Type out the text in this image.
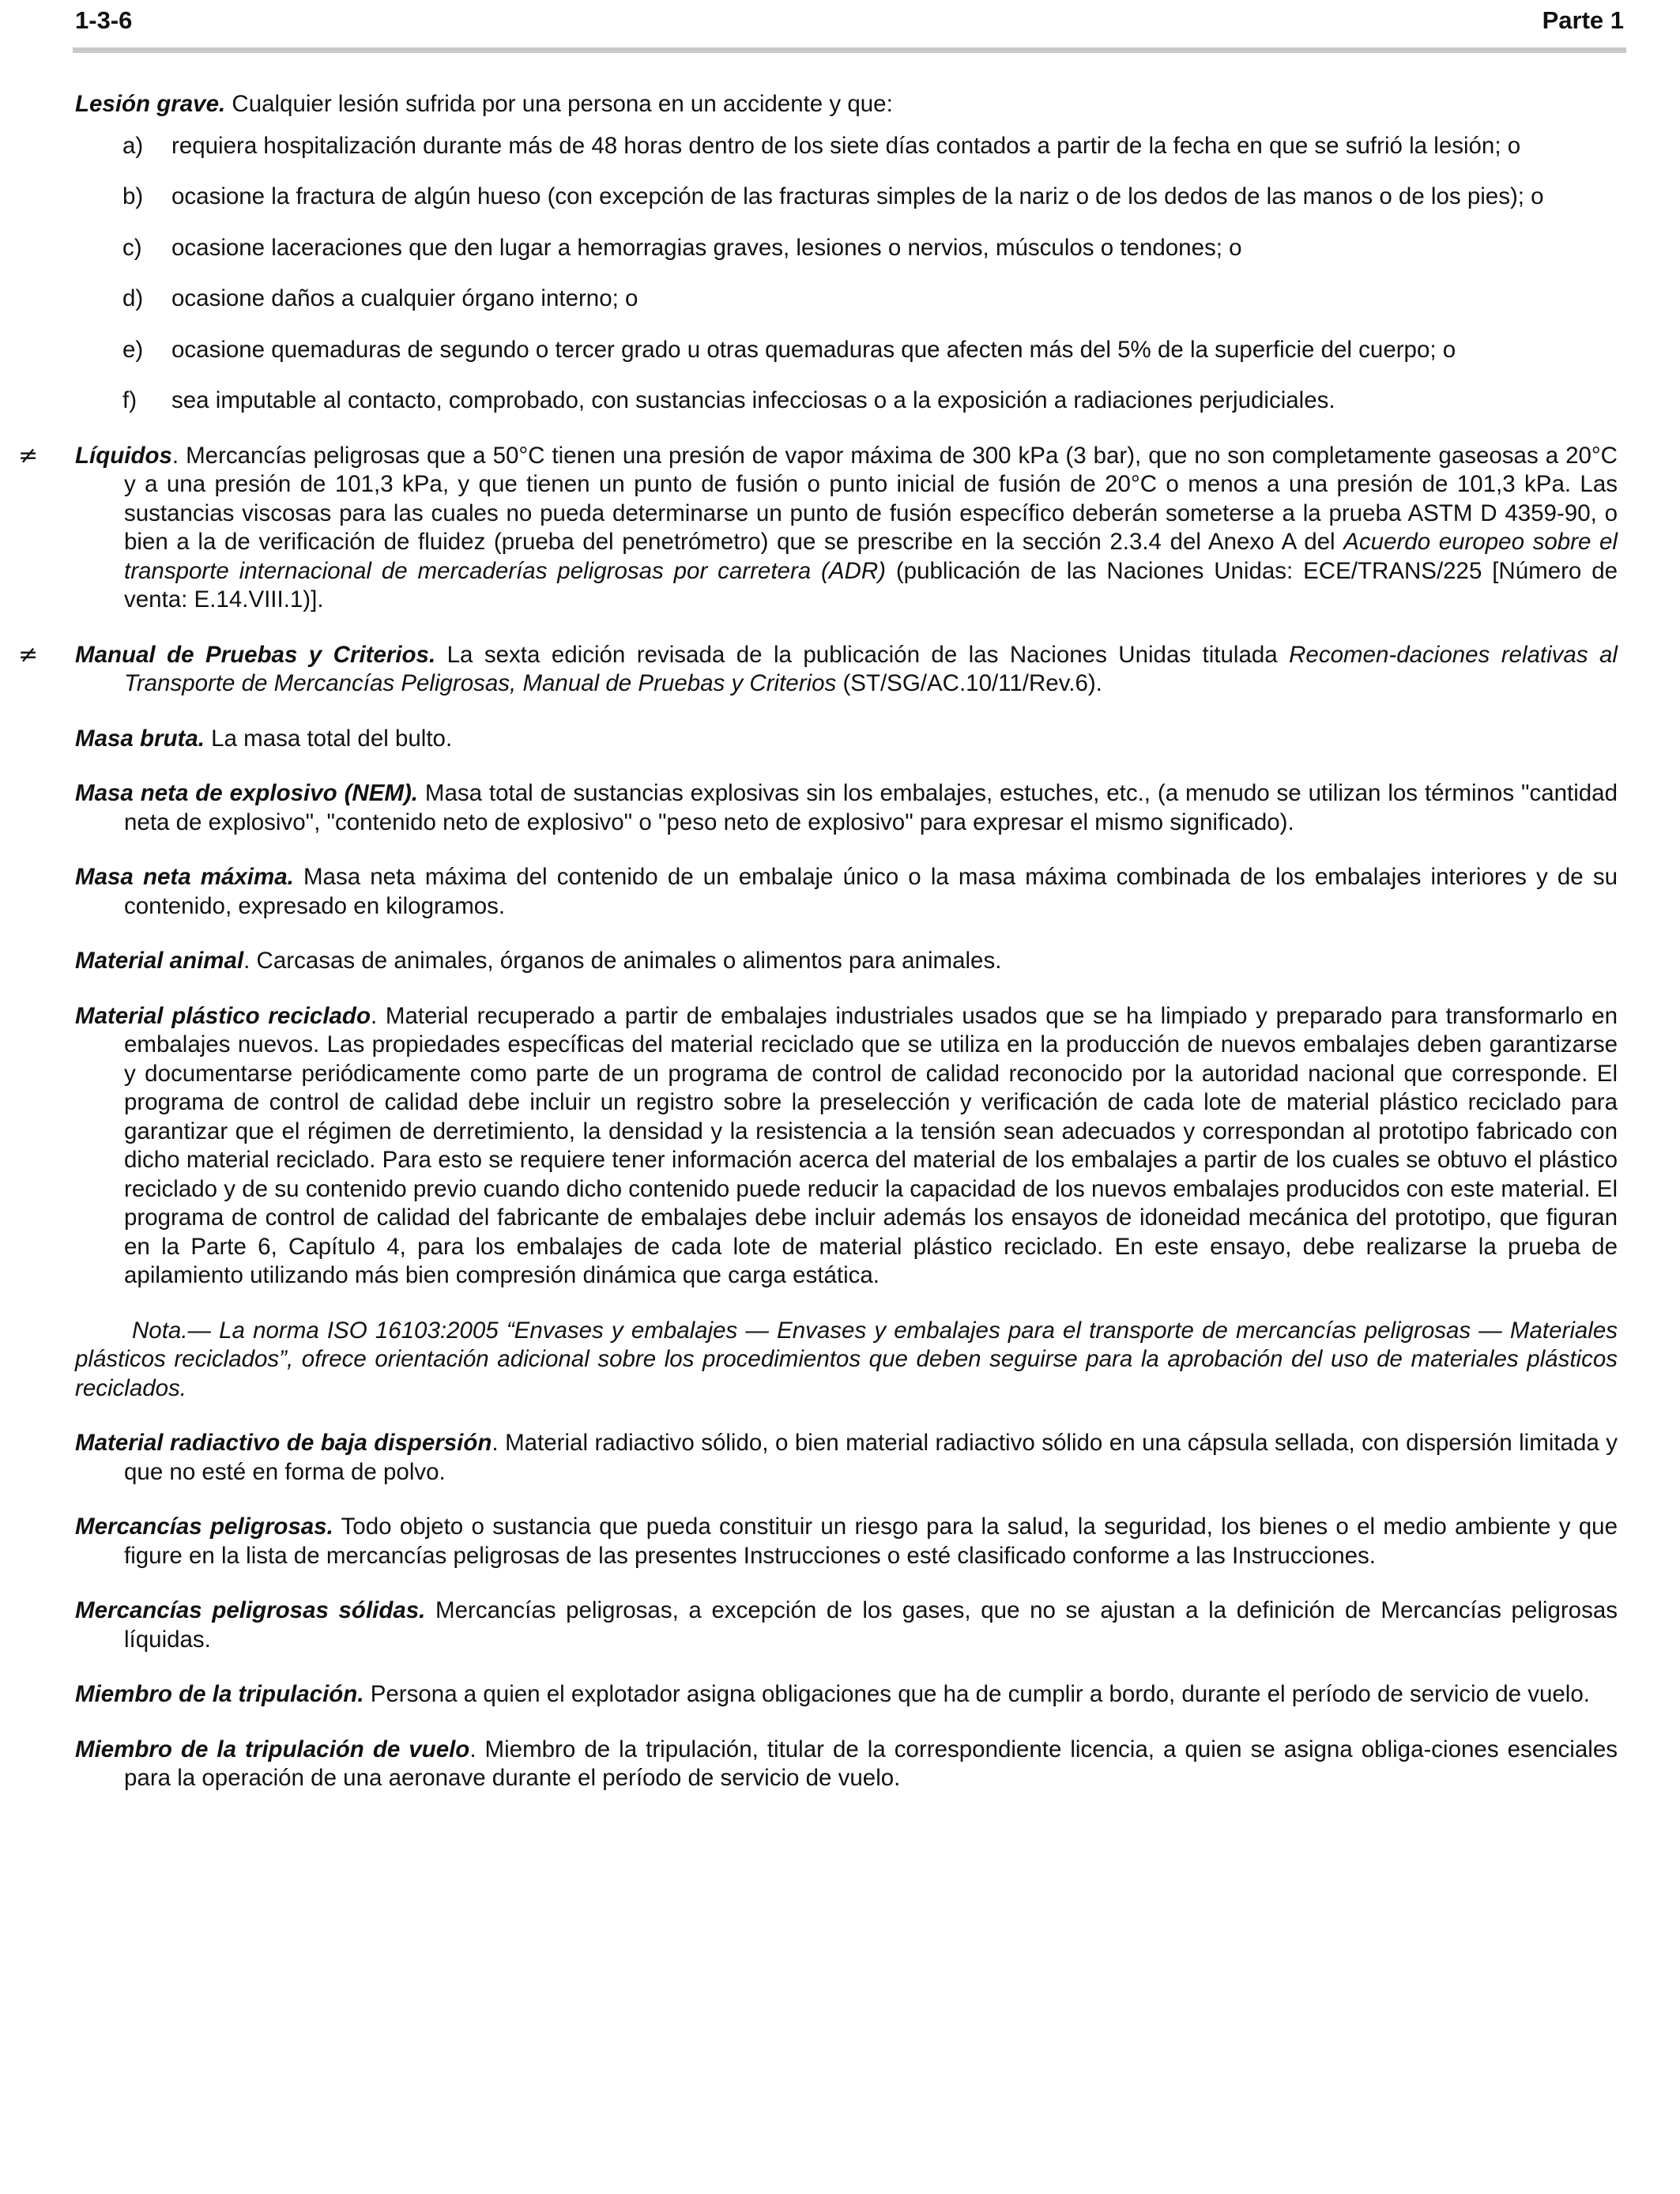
1-3-6	Parte 1
Lesión grave. Cualquier lesión sufrida por una persona en un accidente y que:
a) requiera hospitalización durante más de 48 horas dentro de los siete días contados a partir de la fecha en que se sufrió la lesión; o
b) ocasione la fractura de algún hueso (con excepción de las fracturas simples de la nariz o de los dedos de las manos o de los pies); o
c) ocasione laceraciones que den lugar a hemorragias graves, lesiones o nervios, músculos o tendones; o
d) ocasione daños a cualquier órgano interno; o
e) ocasione quemaduras de segundo o tercer grado u otras quemaduras que afecten más del 5% de la superficie del cuerpo; o
f) sea imputable al contacto, comprobado, con sustancias infecciosas o a la exposición a radiaciones perjudiciales.
≠ Líquidos. Mercancías peligrosas que a 50°C tienen una presión de vapor máxima de 300 kPa (3 bar), que no son completamente gaseosas a 20°C y a una presión de 101,3 kPa, y que tienen un punto de fusión o punto inicial de fusión de 20°C o menos a una presión de 101,3 kPa. Las sustancias viscosas para las cuales no pueda determinarse un punto de fusión específico deberán someterse a la prueba ASTM D 4359-90, o bien a la de verificación de fluidez (prueba del penetrómetro) que se prescribe en la sección 2.3.4 del Anexo A del Acuerdo europeo sobre el transporte internacional de mercaderías peligrosas por carretera (ADR) (publicación de las Naciones Unidas: ECE/TRANS/225 [Número de venta: E.14.VIII.1)].
≠ Manual de Pruebas y Criterios. La sexta edición revisada de la publicación de las Naciones Unidas titulada Recomen-daciones relativas al Transporte de Mercancías Peligrosas, Manual de Pruebas y Criterios (ST/SG/AC.10/11/Rev.6).
Masa bruta. La masa total del bulto.
Masa neta de explosivo (NEM). Masa total de sustancias explosivas sin los embalajes, estuches, etc., (a menudo se utilizan los términos "cantidad neta de explosivo", "contenido neto de explosivo" o "peso neto de explosivo" para expresar el mismo significado).
Masa neta máxima. Masa neta máxima del contenido de un embalaje único o la masa máxima combinada de los embalajes interiores y de su contenido, expresado en kilogramos.
Material animal. Carcasas de animales, órganos de animales o alimentos para animales.
Material plástico reciclado. Material recuperado a partir de embalajes industriales usados que se ha limpiado y preparado para transformarlo en embalajes nuevos. Las propiedades específicas del material reciclado que se utiliza en la producción de nuevos embalajes deben garantizarse y documentarse periódicamente como parte de un programa de control de calidad reconocido por la autoridad nacional que corresponde. El programa de control de calidad debe incluir un registro sobre la preselección y verificación de cada lote de material plástico reciclado para garantizar que el régimen de derretimiento, la densidad y la resistencia a la tensión sean adecuados y correspondan al prototipo fabricado con dicho material reciclado. Para esto se requiere tener información acerca del material de los embalajes a partir de los cuales se obtuvo el plástico reciclado y de su contenido previo cuando dicho contenido puede reducir la capacidad de los nuevos embalajes producidos con este material. El programa de control de calidad del fabricante de embalajes debe incluir además los ensayos de idoneidad mecánica del prototipo, que figuran en la Parte 6, Capítulo 4, para los embalajes de cada lote de material plástico reciclado. En este ensayo, debe realizarse la prueba de apilamiento utilizando más bien compresión dinámica que carga estática.
Nota.— La norma ISO 16103:2005 “Envases y embalajes — Envases y embalajes para el transporte de mercancías peligrosas — Materiales plásticos reciclados”, ofrece orientación adicional sobre los procedimientos que deben seguirse para la aprobación del uso de materiales plásticos reciclados.
Material radiactivo de baja dispersión. Material radiactivo sólido, o bien material radiactivo sólido en una cápsula sellada, con dispersión limitada y que no esté en forma de polvo.
Mercancías peligrosas. Todo objeto o sustancia que pueda constituir un riesgo para la salud, la seguridad, los bienes o el medio ambiente y que figure en la lista de mercancías peligrosas de las presentes Instrucciones o esté clasificado conforme a las Instrucciones.
Mercancías peligrosas sólidas. Mercancías peligrosas, a excepción de los gases, que no se ajustan a la definición de Mercancías peligrosas líquidas.
Miembro de la tripulación. Persona a quien el explotador asigna obligaciones que ha de cumplir a bordo, durante el período de servicio de vuelo.
Miembro de la tripulación de vuelo. Miembro de la tripulación, titular de la correspondiente licencia, a quien se asigna obliga-ciones esenciales para la operación de una aeronave durante el período de servicio de vuelo.
